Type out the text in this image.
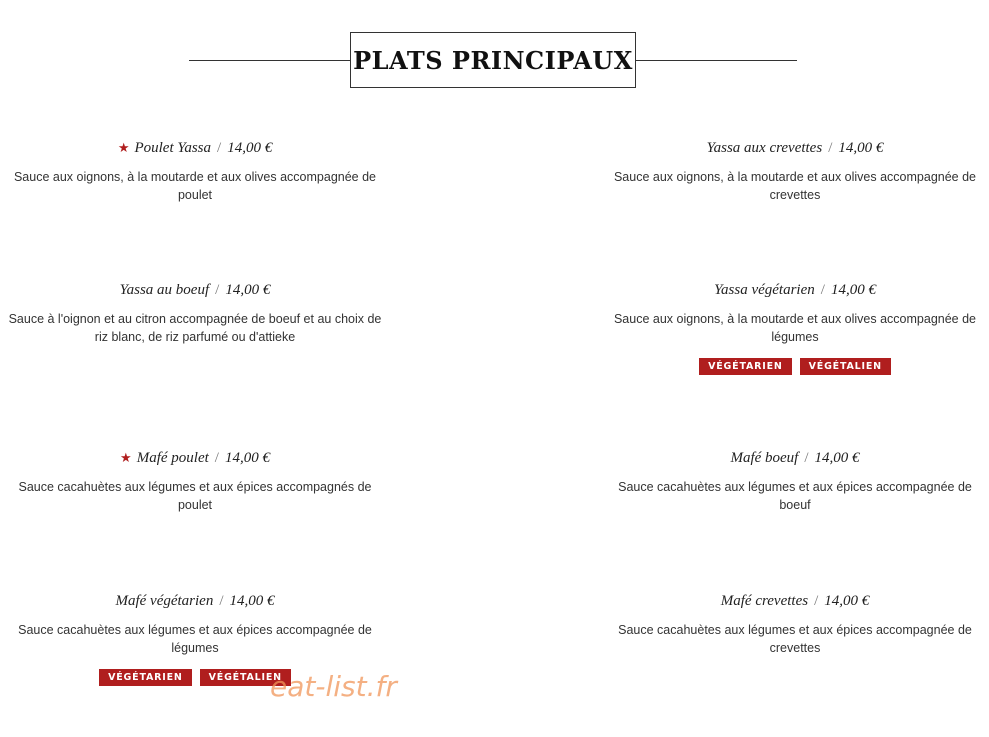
PLATS PRINCIPAUX
★ Poulet Yassa / 14,00 €
Sauce aux oignons, à la moutarde et aux olives accompagnée de poulet
Yassa aux crevettes / 14,00 €
Sauce aux oignons, à la moutarde et aux olives accompagnée de crevettes
Yassa au boeuf / 14,00 €
Sauce à l'oignon et au citron accompagnée de boeuf et au choix de riz blanc, de riz parfumé ou d'attieke
Yassa végétarien / 14,00 €
Sauce aux oignons, à la moutarde et aux olives accompagnée de légumes
VÉGÉTARIEN	VÉGÉTALIEN
★ Mafé poulet / 14,00 €
Sauce cacahuètes aux légumes et aux épices accompagnés de poulet
Mafé boeuf / 14,00 €
Sauce cacahuètes aux légumes et aux épices accompagnée de boeuf
Mafé végétarien / 14,00 €
Sauce cacahuètes aux légumes et aux épices accompagnée de légumes
VÉGÉTARIEN	VÉGÉTALIEN
Mafé crevettes / 14,00 €
Sauce cacahuètes aux légumes et aux épices accompagnée de crevettes
eat-list.fr
